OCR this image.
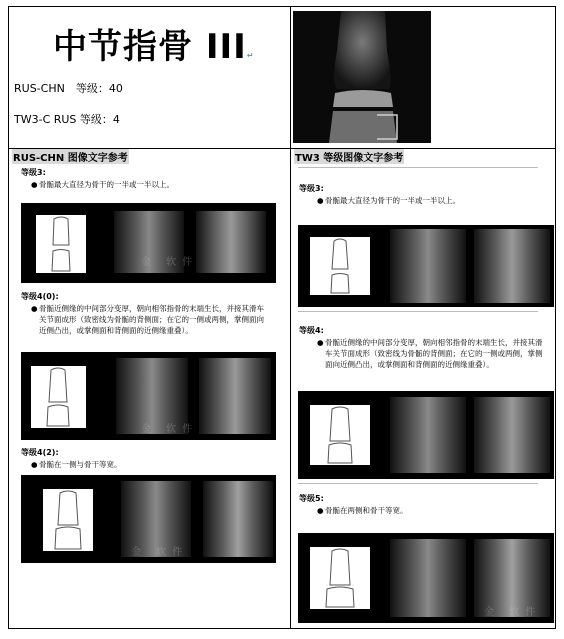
中节指骨 III↵
RUS-CHN　等级：40
TW3-C RUS 等级：4
RUS-CHN 图像文字参考
等级3:
● 骨骺最大直径为骨干的一半或一半以上。
金 软件
等级4(0):
● 骨骺近侧缘的中间部分变厚，朝向相邻指骨的末端生长，并接其滑车关节面成形（致密线为骨骺的背侧面；在它的一侧或两侧，掌侧面向近侧凸出，或掌侧面和背侧面的近侧缘重叠）。
金 软件
等级4(2):
● 骨骺在一侧与骨干等宽。
金 软件
TW3 等级图像文字参考
等级3:
● 骨骺最大直径为骨干的一半或一半以上。
等级4:
● 骨骺近侧缘的中间部分变厚，朝向相邻指骨的末端生长，并接其滑车关节面成形（致密线为骨骺的背侧面；在它的一侧或两侧，掌侧面向近侧凸出，或掌侧面和背侧面的近侧缘重叠）。
等级5:
● 骨骺在两侧和骨干等宽。
金 软件
